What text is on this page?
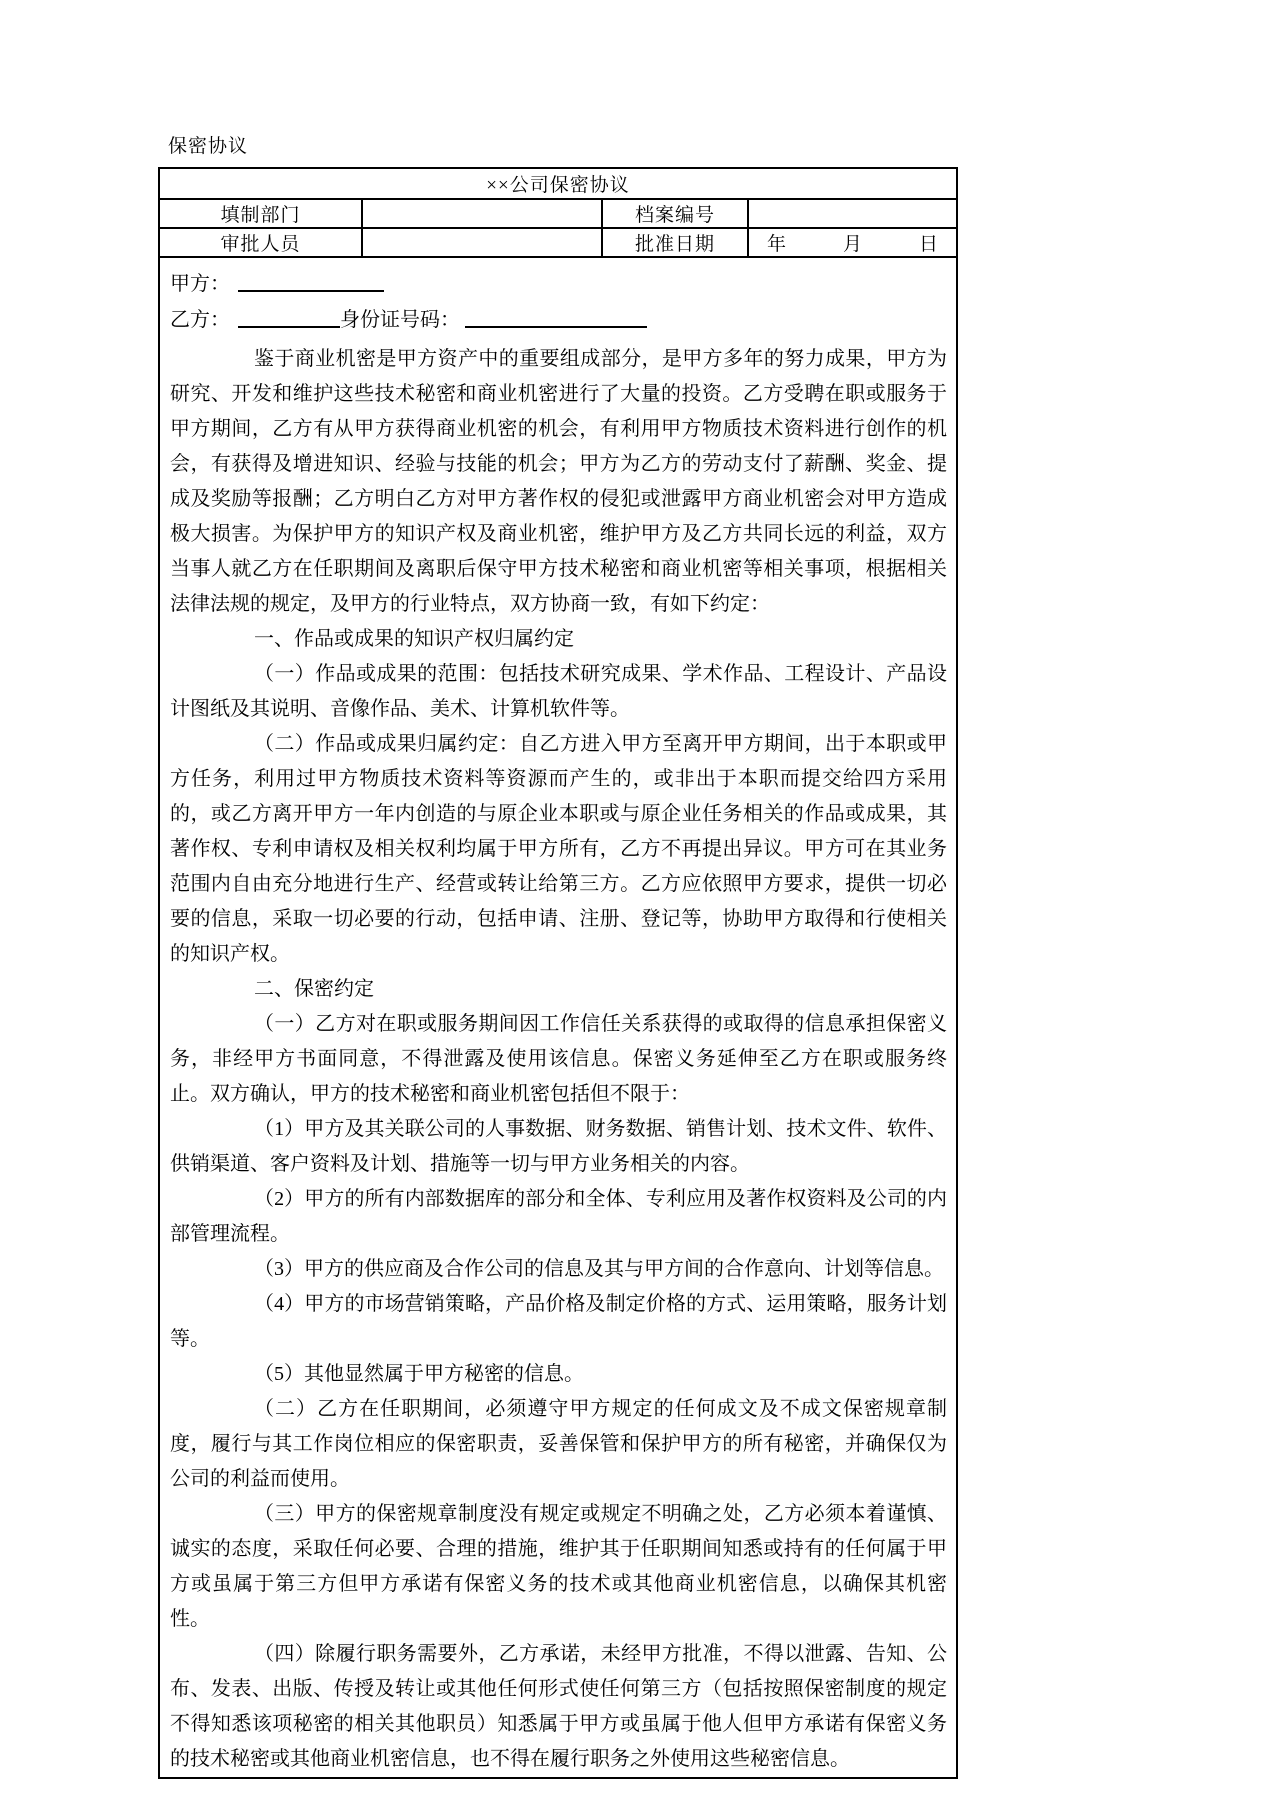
保密协议
××公司保密协议			
填制部门		档案编号	
审批人员		批准日期	年　　　月　　　日

甲方：
乙方：	身份证号码：

鉴于商业机密是甲方资产中的重要组成部分，是甲方多年的努力成果，甲方为研究、开发和维护这些技术秘密和商业机密进行了大量的投资。乙方受聘在职或服务于甲方期间，乙方有从甲方获得商业机密的机会，有利用甲方物质技术资料进行创作的机会，有获得及增进知识、经验与技能的机会；甲方为乙方的劳动支付了薪酬、奖金、提成及奖励等报酬；乙方明白乙方对甲方著作权的侵犯或泄露甲方商业机密会对甲方造成极大损害。为保护甲方的知识产权及商业机密，维护甲方及乙方共同长远的利益，双方当事人就乙方在任职期间及离职后保守甲方技术秘密和商业机密等相关事项，根据相关法律法规的规定，及甲方的行业特点，双方协商一致，有如下约定：

一、作品或成果的知识产权归属约定

（一）作品或成果的范围：包括技术研究成果、学术作品、工程设计、产品设计图纸及其说明、音像作品、美术、计算机软件等。

（二）作品或成果归属约定：自乙方进入甲方至离开甲方期间，出于本职或甲方任务，利用过甲方物质技术资料等资源而产生的，或非出于本职而提交给四方采用的，或乙方离开甲方一年内创造的与原企业本职或与原企业任务相关的作品或成果，其著作权、专利申请权及相关权利均属于甲方所有，乙方不再提出异议。甲方可在其业务范围内自由充分地进行生产、经营或转让给第三方。乙方应依照甲方要求，提供一切必要的信息，采取一切必要的行动，包括申请、注册、登记等，协助甲方取得和行使相关的知识产权。

二、保密约定

（一）乙方对在职或服务期间因工作信任关系获得的或取得的信息承担保密义务，非经甲方书面同意，不得泄露及使用该信息。保密义务延伸至乙方在职或服务终止。双方确认，甲方的技术秘密和商业机密包括但不限于：

（1）甲方及其关联公司的人事数据、财务数据、销售计划、技术文件、软件、供销渠道、客户资料及计划、措施等一切与甲方业务相关的内容。

（2）甲方的所有内部数据库的部分和全体、专利应用及著作权资料及公司的内部管理流程。

（3）甲方的供应商及合作公司的信息及其与甲方间的合作意向、计划等信息。

（4）甲方的市场营销策略，产品价格及制定价格的方式、运用策略，服务计划等。

（5）其他显然属于甲方秘密的信息。

（二）乙方在任职期间，必须遵守甲方规定的任何成文及不成文保密规章制度，履行与其工作岗位相应的保密职责，妥善保管和保护甲方的所有秘密，并确保仅为公司的利益而使用。

（三）甲方的保密规章制度没有规定或规定不明确之处，乙方必须本着谨慎、诚实的态度，采取任何必要、合理的措施，维护其于任职期间知悉或持有的任何属于甲方或虽属于第三方但甲方承诺有保密义务的技术或其他商业机密信息，以确保其机密性。

（四）除履行职务需要外，乙方承诺，未经甲方批准，不得以泄露、告知、公布、发表、出版、传授及转让或其他任何形式使任何第三方（包括按照保密制度的规定不得知悉该项秘密的相关其他职员）知悉属于甲方或虽属于他人但甲方承诺有保密义务的技术秘密或其他商业机密信息，也不得在履行职务之外使用这些秘密信息。
